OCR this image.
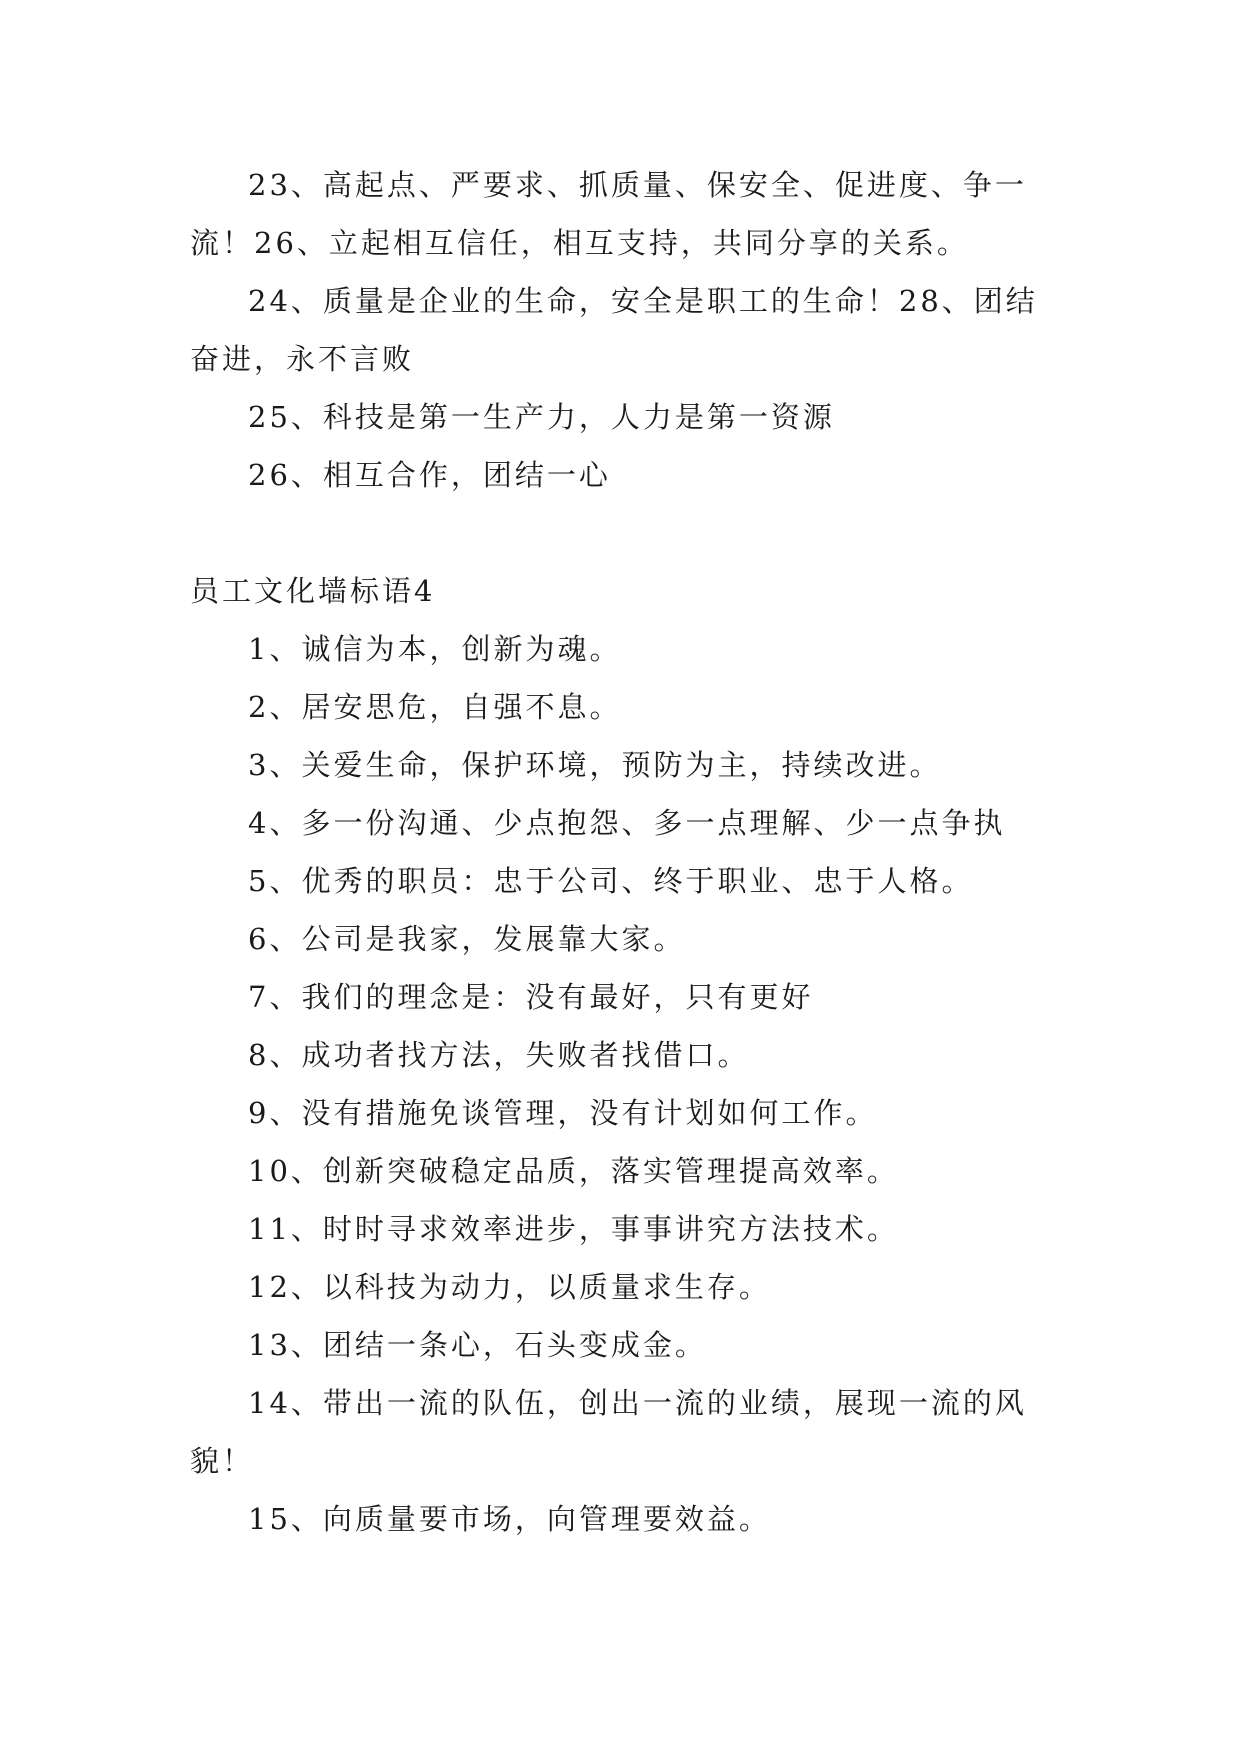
23、高起点、严要求、抓质量、保安全、促进度、争一流！26、立起相互信任，相互支持，共同分享的关系。
24、质量是企业的生命，安全是职工的生命！28、团结奋进，永不言败
25、科技是第一生产力，人力是第一资源
26、相互合作，团结一心
员工文化墙标语4
1、诚信为本，创新为魂。
2、居安思危，自强不息。
3、关爱生命，保护环境，预防为主，持续改进。
4、多一份沟通、少点抱怨、多一点理解、少一点争执
5、优秀的职员：忠于公司、终于职业、忠于人格。
6、公司是我家，发展靠大家。
7、我们的理念是：没有最好，只有更好
8、成功者找方法，失败者找借口。
9、没有措施免谈管理，没有计划如何工作。
10、创新突破稳定品质，落实管理提高效率。
11、时时寻求效率进步，事事讲究方法技术。
12、以科技为动力，以质量求生存。
13、团结一条心，石头变成金。
14、带出一流的队伍，创出一流的业绩，展现一流的风貌！
15、向质量要市场，向管理要效益。
